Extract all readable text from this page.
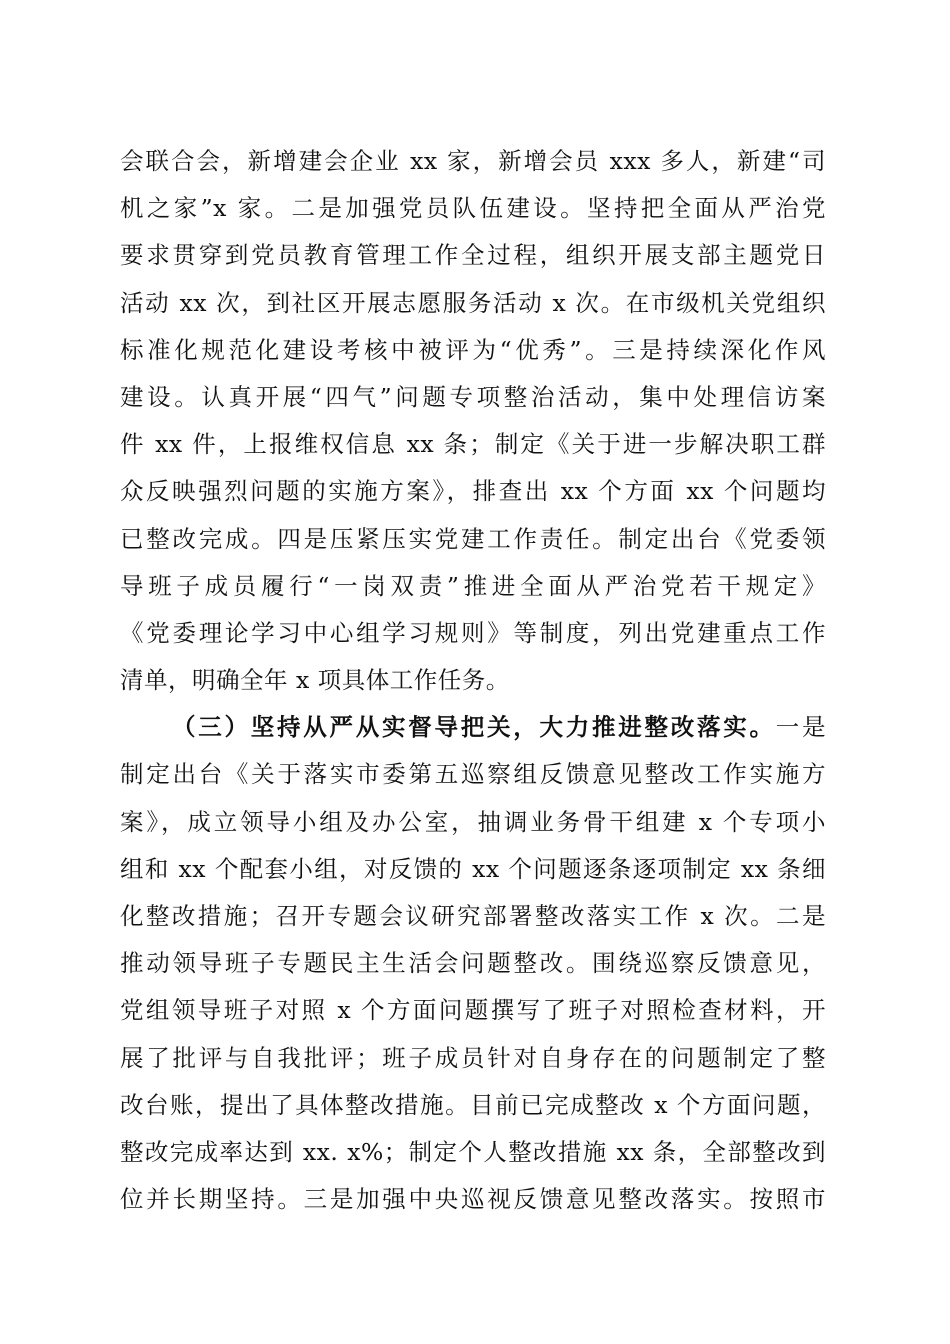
会联合会，新增建会企业 xx 家，新增会员 xxx 多人，新建“司
机之家”x 家。二是加强党员队伍建设。坚持把全面从严治党
要求贯穿到党员教育管理工作全过程，组织开展支部主题党日
活动 xx 次，到社区开展志愿服务活动 x 次。在市级机关党组织
标准化规范化建设考核中被评为“优秀”。三是持续深化作风
建设。认真开展“四气”问题专项整治活动，集中处理信访案
件 xx 件，上报维权信息 xx 条；制定《关于进一步解决职工群
众反映强烈问题的实施方案》，排查出 xx 个方面 xx 个问题均
已整改完成。四是压紧压实党建工作责任。制定出台《党委领
导班子成员履行“一岗双责”推进全面从严治党若干规定》
《党委理论学习中心组学习规则》等制度，列出党建重点工作
清单，明确全年 x 项具体工作任务。
（三）坚持从严从实督导把关，大力推进整改落实。一是
制定出台《关于落实市委第五巡察组反馈意见整改工作实施方
案》，成立领导小组及办公室，抽调业务骨干组建 x 个专项小
组和 xx 个配套小组，对反馈的 xx 个问题逐条逐项制定 xx 条细
化整改措施；召开专题会议研究部署整改落实工作 x 次。二是
推动领导班子专题民主生活会问题整改。围绕巡察反馈意见，
党组领导班子对照 x 个方面问题撰写了班子对照检查材料，开
展了批评与自我批评；班子成员针对自身存在的问题制定了整
改台账，提出了具体整改措施。目前已完成整改 x 个方面问题，
整改完成率达到 xx. x%；制定个人整改措施 xx 条，全部整改到
位并长期坚持。三是加强中央巡视反馈意见整改落实。按照市
